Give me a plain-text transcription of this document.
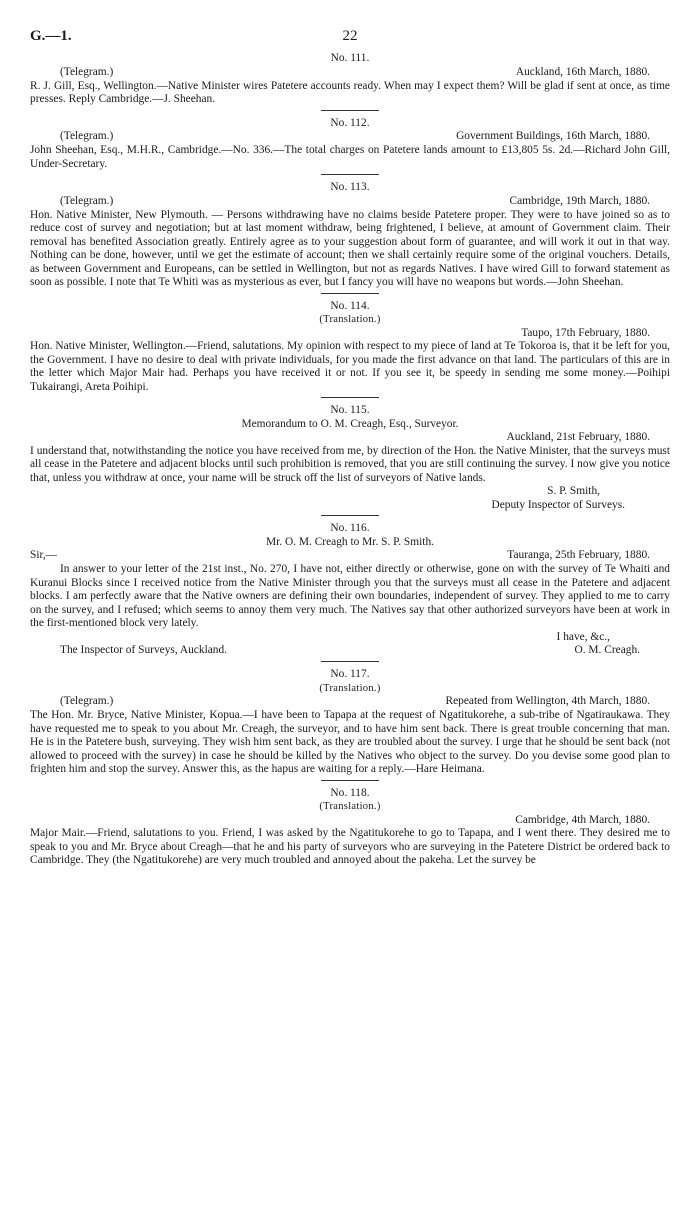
G.—1.	22

No. 111.

(Telegram.)	Auckland, 16th March, 1880.

R. J. Gill, Esq., Wellington.—Native Minister wires Patetere accounts ready. When may I expect them? Will be glad if sent at once, as time presses. Reply Cambridge.—J. Sheehan.

No. 112.

(Telegram.)	Government Buildings, 16th March, 1880.

John Sheehan, Esq., M.H.R., Cambridge.—No. 336.—The total charges on Patetere lands amount to £13,805 5s. 2d.—Richard John Gill, Under-Secretary.

No. 113.

(Telegram.)	Cambridge, 19th March, 1880.

Hon. Native Minister, New Plymouth. — Persons withdrawing have no claims beside Patetere proper. They were to have joined so as to reduce cost of survey and negotiation; but at last moment withdraw, being frightened, I believe, at amount of Government claim. Their removal has benefited Association greatly. Entirely agree as to your suggestion about form of guarantee, and will work it out in that way. Nothing can be done, however, until we get the estimate of account; then we shall certainly require some of the original vouchers. Details, as between Government and Europeans, can be settled in Wellington, but not as regards Natives. I have wired Gill to forward statement as soon as possible. I note that Te Whiti was as mysterious as ever, but I fancy you will have no weapons but words.—John Sheehan.

No. 114.

(Translation.)

Taupo, 17th February, 1880.

Hon. Native Minister, Wellington.—Friend, salutations. My opinion with respect to my piece of land at Te Tokoroa is, that it be left for you, the Government. I have no desire to deal with private individuals, for you made the first advance on that land. The particulars of this are in the letter which Major Mair had. Perhaps you have received it or not. If you see it, be speedy in sending me some money.—Poihipi Tukairangi, Areta Poihipi.

No. 115.

Memorandum to O. M. Creagh, Esq., Surveyor.

Auckland, 21st February, 1880.

I understand that, notwithstanding the notice you have received from me, by direction of the Hon. the Native Minister, that the surveys must all cease in the Patetere and adjacent blocks until such prohibition is removed, that you are still continuing the survey. I now give you notice that, unless you withdraw at once, your name will be struck off the list of surveyors of Native lands.

S. P. Smith,

Deputy Inspector of Surveys.

No. 116.

Mr. O. M. Creagh to Mr. S. P. Smith.

Sir,—	Tauranga, 25th February, 1880.

In answer to your letter of the 21st inst., No. 270, I have not, either directly or otherwise, gone on with the survey of Te Whaiti and Kuranui Blocks since I received notice from the Native Minister through you that the surveys must all cease in the Patetere and adjacent blocks. I am perfectly aware that the Native owners are defining their own boundaries, independent of survey. They applied to me to carry on the survey, and I refused; which seems to annoy them very much. The Natives say that other authorized surveyors have been at work in the first-mentioned block very lately.

I have, &c.,

The Inspector of Surveys, Auckland.	O. M. Creagh.

No. 117.

(Translation.)

(Telegram.)	Repeated from Wellington, 4th March, 1880.

The Hon. Mr. Bryce, Native Minister, Kopua.—I have been to Tapapa at the request of Ngatitukorehe, a sub-tribe of Ngatiraukawa. They have requested me to speak to you about Mr. Creagh, the surveyor, and to have him sent back. There is great trouble concerning that man. He is in the Patetere bush, surveying. They wish him sent back, as they are troubled about the survey. I urge that he should be sent back (not allowed to proceed with the survey) in case he should be killed by the Natives who object to the survey. Do you devise some good plan to frighten him and stop the survey. Answer this, as the hapus are waiting for a reply.—Hare Heimana.

No. 118.

(Translation.)

Cambridge, 4th March, 1880.

Major Mair.—Friend, salutations to you. Friend, I was asked by the Ngatitukorehe to go to Tapapa, and I went there. They desired me to speak to you and Mr. Bryce about Creagh—that he and his party of surveyors who are surveying in the Patetere District be ordered back to Cambridge. They (the Ngatitukorehe) are very much troubled and annoyed about the pakeha. Let the survey be
